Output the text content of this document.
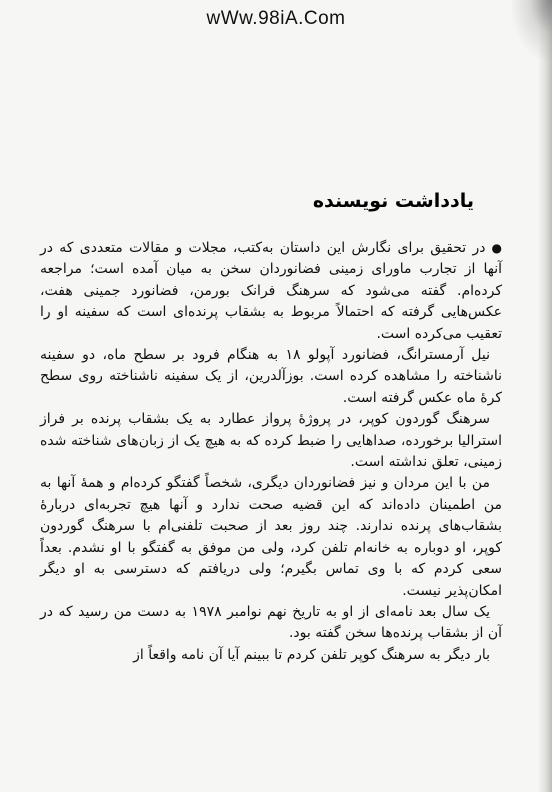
wWw.98iA.Com
یادداشت نویسنده

●در تحقیق برای نگارش این داستان به‌کتب، مجلات و مقالات متعددی که در آنها از تجارب ماورای زمینی فضانوردان سخن به میان آمده است؛ مراجعه کرده‌ام. گفته می‌شود که سرهنگ فرانک بورمن، فضانورد جمینی هفت، عکس‌هایی گرفته که احتمالاً مربوط به بشقاب پرنده‌ای است که سفینه او را تعقیب می‌کرده است.

نیل آرمسترانگ، فضانورد آپولو ۱۸ به هنگام فرود بر سطح ماه، دو سفینه ناشناخته را مشاهده کرده است. بوزآلدرین، از یک سفینه ناشناخته روی سطح کرهٔ ماه عکس گرفته است.

سرهنگ گوردون کوپر، در پروژهٔ پرواز عطارد به یک بشقاب پرنده بر فراز استرالیا برخورده، صداهایی را ضبط کرده که به هیچ یک از زبان‌های شناخته شده زمینی، تعلق نداشته است.

من با این مردان و نیز فضانوردان دیگری، شخصاً گفتگو کرده‌ام و همهٔ آنها به من اطمینان داده‌اند که این قضیه صحت ندارد و آنها هیچ تجربه‌ای دربارهٔ بشقاب‌های پرنده ندارند. چند روز بعد از صحبت تلفنی‌ام با سرهنگ گوردون کوپر، او دوباره به خانه‌ام تلفن کرد، ولی من موفق به گفتگو با او نشدم. بعداً سعی کردم که با وی تماس بگیرم؛ ولی دریافتم که دسترسی به او دیگر امکان‌پذیر نیست.

یک سال بعد نامه‌ای از او به تاریخ نهم نوامبر ۱۹۷۸ به دست من رسید که در آن از بشقاب پرنده‌ها سخن گفته بود.

بار دیگر به سرهنگ کوپر تلفن کردم تا ببینم آیا آن نامه واقعاً از
